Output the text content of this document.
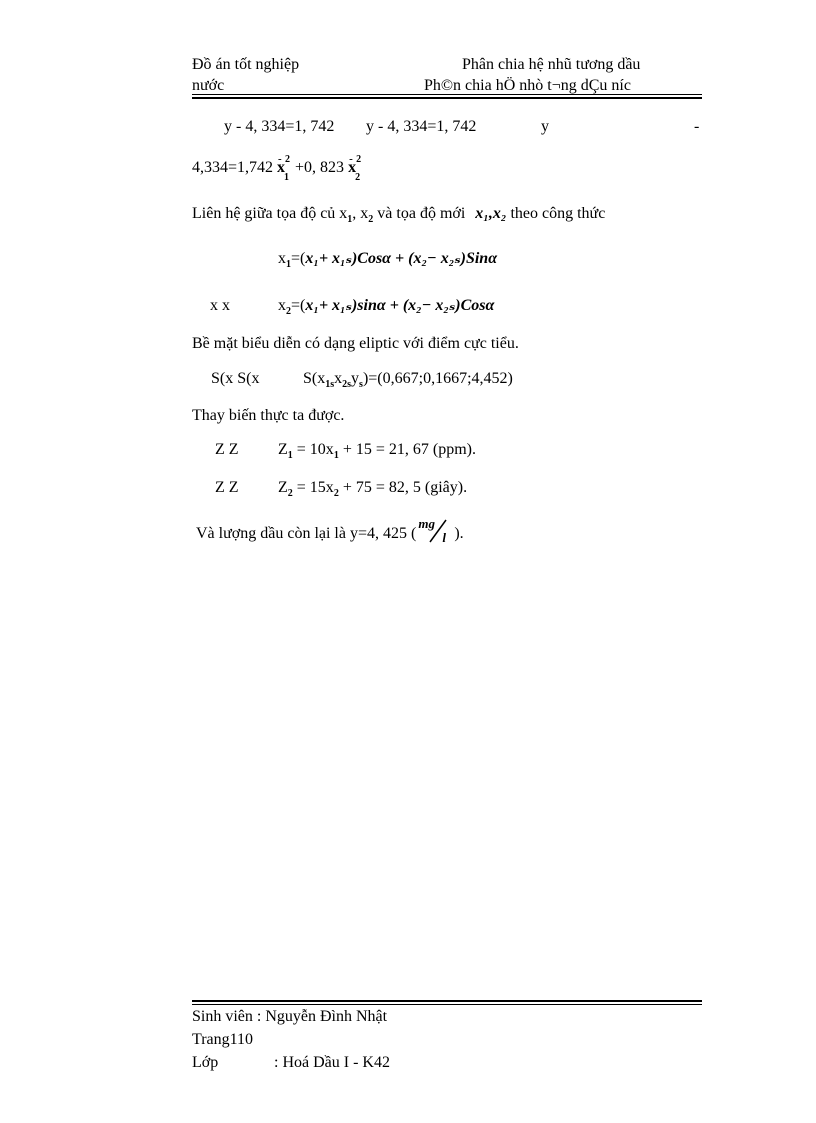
Đồ án tốt nghiệp	Phân chia hệ nhũ tương dầu
nước	Ph©n chia hÖ nhò t¬ng dÇu níc
y - 4, 334=1, 742 y - 4, 334=1, 742	y	-
$4,334=1,742 - x^2_1+0$, $823 - x^2_2$
Liên hệ giữa tọa độ củ $x_1$, $x_2$ và tọa độ mới x₁,x₂ theo công thức
$x_1=(x_1+ x_{1s})Cos\alpha + (x_2- x_{2s})Sin\alpha$
x x	$x_2=(x_1+ x_{1s})\sin\alpha + (x_2- x_{2s})Cos\alpha$
Bề mặt biểu diễn có dạng eliptic với điểm cực tiểu.
S(x S(x	$S(x_{1s}x_{2s}y_s)=(0,667;0,1667;4,452)$
Thay biến thực ta được.
Z Z $Z_1 = 10x_1 + 15 = 21$, 67 (ppm).
Z Z $Z_2 = 15x_2 + 75 = 82$, 5 (giây).
Và lượng dầu còn lại là y=4, 425 (
mg
l ).
Sinh viên : Nguyễn Đình Nhật
Trang110
Lớp	: Hoá Dầu I - K42
